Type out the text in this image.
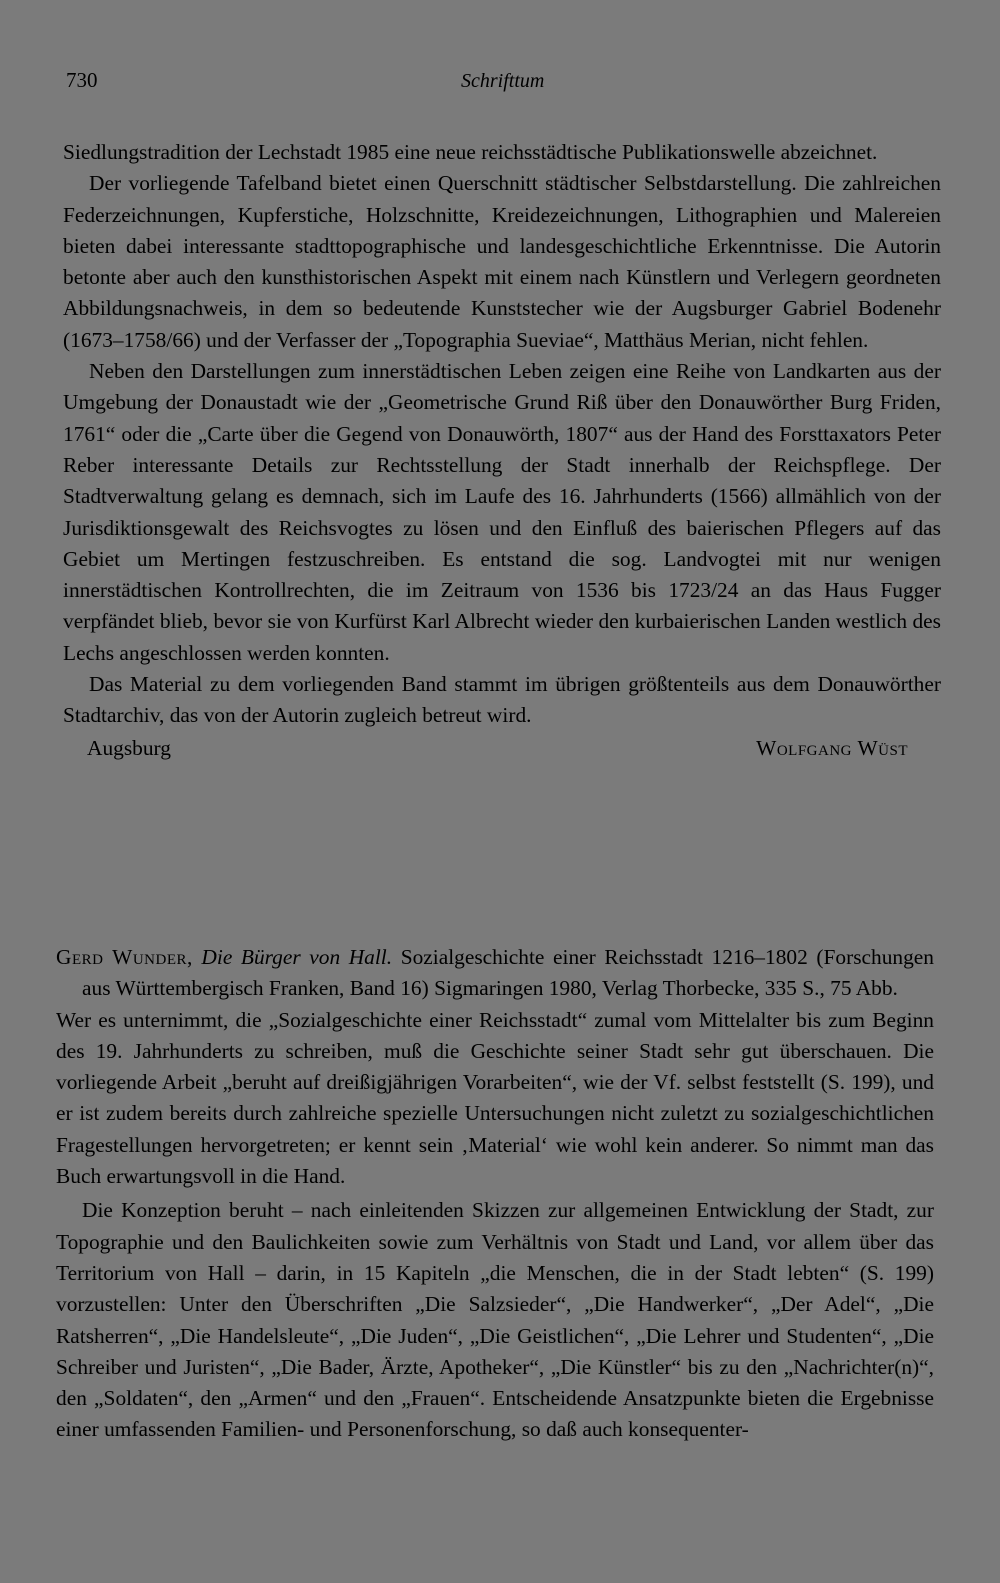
730	Schrifttum

Siedlungstradition der Lechstadt 1985 eine neue reichsstädtische Publikationswelle abzeichnet.

Der vorliegende Tafelband bietet einen Querschnitt städtischer Selbstdarstellung. Die zahlreichen Federzeichnungen, Kupferstiche, Holzschnitte, Kreidezeichnungen, Lithographien und Malereien bieten dabei interessante stadttopographische und landesgeschichtliche Erkenntnisse. Die Autorin betonte aber auch den kunsthistorischen Aspekt mit einem nach Künstlern und Verlegern geordneten Abbildungsnachweis, in dem so bedeutende Kunststecher wie der Augsburger Gabriel Bodenehr (1673–1758/66) und der Verfasser der „Topographia Sueviae“, Matthäus Merian, nicht fehlen.

Neben den Darstellungen zum innerstädtischen Leben zeigen eine Reihe von Landkarten aus der Umgebung der Donaustadt wie der „Geometrische Grund Riß über den Donauwörther Burg Friden, 1761“ oder die „Carte über die Gegend von Donauwörth, 1807“ aus der Hand des Forsttaxators Peter Reber interessante Details zur Rechtsstellung der Stadt innerhalb der Reichspflege. Der Stadtverwaltung gelang es demnach, sich im Laufe des 16. Jahrhunderts (1566) allmählich von der Jurisdiktionsgewalt des Reichsvogtes zu lösen und den Einfluß des baierischen Pflegers auf das Gebiet um Mertingen festzuschreiben. Es entstand die sog. Landvogtei mit nur wenigen innerstädtischen Kontrollrechten, die im Zeitraum von 1536 bis 1723/24 an das Haus Fugger verpfändet blieb, bevor sie von Kurfürst Karl Albrecht wieder den kurbaierischen Landen westlich des Lechs angeschlossen werden konnten.

Das Material zu dem vorliegenden Band stammt im übrigen größtenteils aus dem Donauwörther Stadtarchiv, das von der Autorin zugleich betreut wird.

Augsburg	Wolfgang Wüst

Gerd Wunder, Die Bürger von Hall. Sozialgeschichte einer Reichsstadt 1216–1802 (Forschungen aus Württembergisch Franken, Band 16) Sigmaringen 1980, Verlag Thorbecke, 335 S., 75 Abb.

Wer es unternimmt, die „Sozialgeschichte einer Reichsstadt“ zumal vom Mittelalter bis zum Beginn des 19. Jahrhunderts zu schreiben, muß die Geschichte seiner Stadt sehr gut überschauen. Die vorliegende Arbeit „beruht auf dreißigjährigen Vorarbeiten“, wie der Vf. selbst feststellt (S. 199), und er ist zudem bereits durch zahlreiche spezielle Untersuchungen nicht zuletzt zu sozialgeschichtlichen Fragestellungen hervorgetreten; er kennt sein ‚Material‘ wie wohl kein anderer. So nimmt man das Buch erwartungsvoll in die Hand.

Die Konzeption beruht – nach einleitenden Skizzen zur allgemeinen Entwicklung der Stadt, zur Topographie und den Baulichkeiten sowie zum Verhältnis von Stadt und Land, vor allem über das Territorium von Hall – darin, in 15 Kapiteln „die Menschen, die in der Stadt lebten“ (S. 199) vorzustellen: Unter den Überschriften „Die Salzsieder“, „Die Handwerker“, „Der Adel“, „Die Ratsherren“, „Die Handelsleute“, „Die Juden“, „Die Geistlichen“, „Die Lehrer und Studenten“, „Die Schreiber und Juristen“, „Die Bader, Ärzte, Apotheker“, „Die Künstler“ bis zu den „Nachrichter(n)“, den „Soldaten“, den „Armen“ und den „Frauen“. Entscheidende Ansatzpunkte bieten die Ergebnisse einer umfassenden Familien- und Personenforschung, so daß auch konsequenter-
